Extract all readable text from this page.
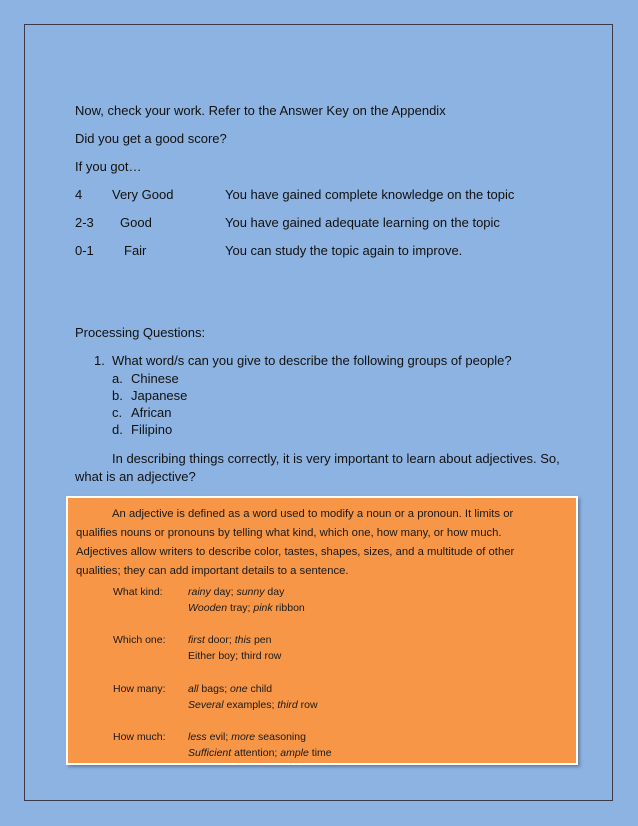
Now, check your work. Refer to the Answer Key on the Appendix
Did you get a good score?
If you got…
4 Very Good	You have gained complete knowledge on the topic
2-3 Good	You have gained adequate learning on the topic
0-1 Fair	You can study the topic again to improve.
Processing Questions:
1. What word/s can you give to describe the following groups of people?
a. Chinese
b. Japanese
c. African
d. Filipino
In describing things correctly, it is very important to learn about adjectives. So,
what is an adjective?
An adjective is defined as a word used to modify a noun or a pronoun. It limits or
qualifies nouns or pronouns by telling what kind, which one, how many, or how much.
Adjectives allow writers to describe color, tastes, shapes, sizes, and a multitude of other
qualities; they can add important details to a sentence.
What kind: rainy day; sunny day
Wooden tray; pink ribbon
Which one: first door; this pen
Either boy; third row
How many: all bags; one child
Several examples; third row
How much: less evil; more seasoning
Sufficient attention; ample time
